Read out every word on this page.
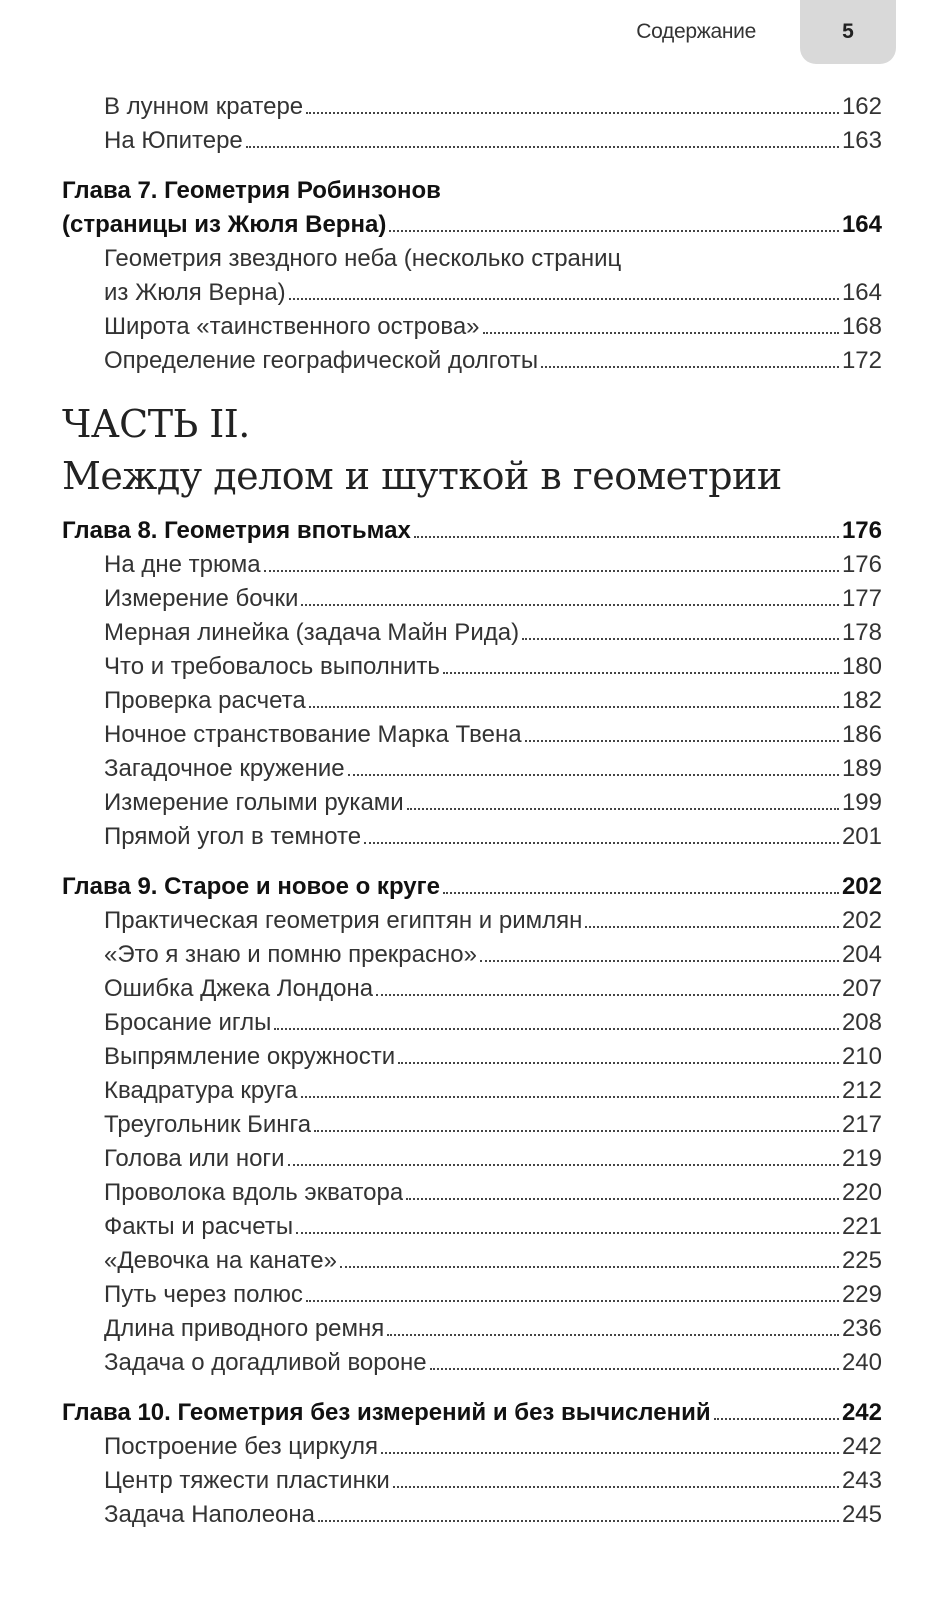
Содержание	5
В лунном кратере	162
На Юпитере	163
Глава 7. Геометрия Робинзонов
(страницы из Жюля Верна)	164
Геометрия звездного неба (несколько страниц
из Жюля Верна)	164
Широта «таинственного острова»	168
Определение географической долготы	172
ЧАСТЬ II.
Между делом и шуткой в геометрии
Глава 8. Геометрия впотьмах	176
На дне трюма	176
Измерение бочки	177
Мерная линейка (задача Майн Рида)	178
Что и требовалось выполнить	180
Проверка расчета	182
Ночное странствование Марка Твена	186
Загадочное кружение	189
Измерение голыми руками	199
Прямой угол в темноте	201
Глава 9. Старое и новое о круге	202
Практическая геометрия египтян и римлян	202
«Это я знаю и помню прекрасно»	204
Ошибка Джека Лондона	207
Бросание иглы	208
Выпрямление окружности	210
Квадратура круга	212
Треугольник Бинга	217
Голова или ноги	219
Проволока вдоль экватора	220
Факты и расчеты	221
«Девочка на канате»	225
Путь через полюс	229
Длина приводного ремня	236
Задача о догадливой вороне	240
Глава 10. Геометрия без измерений и без вычислений	242
Построение без циркуля	242
Центр тяжести пластинки	243
Задача Наполеона	245
